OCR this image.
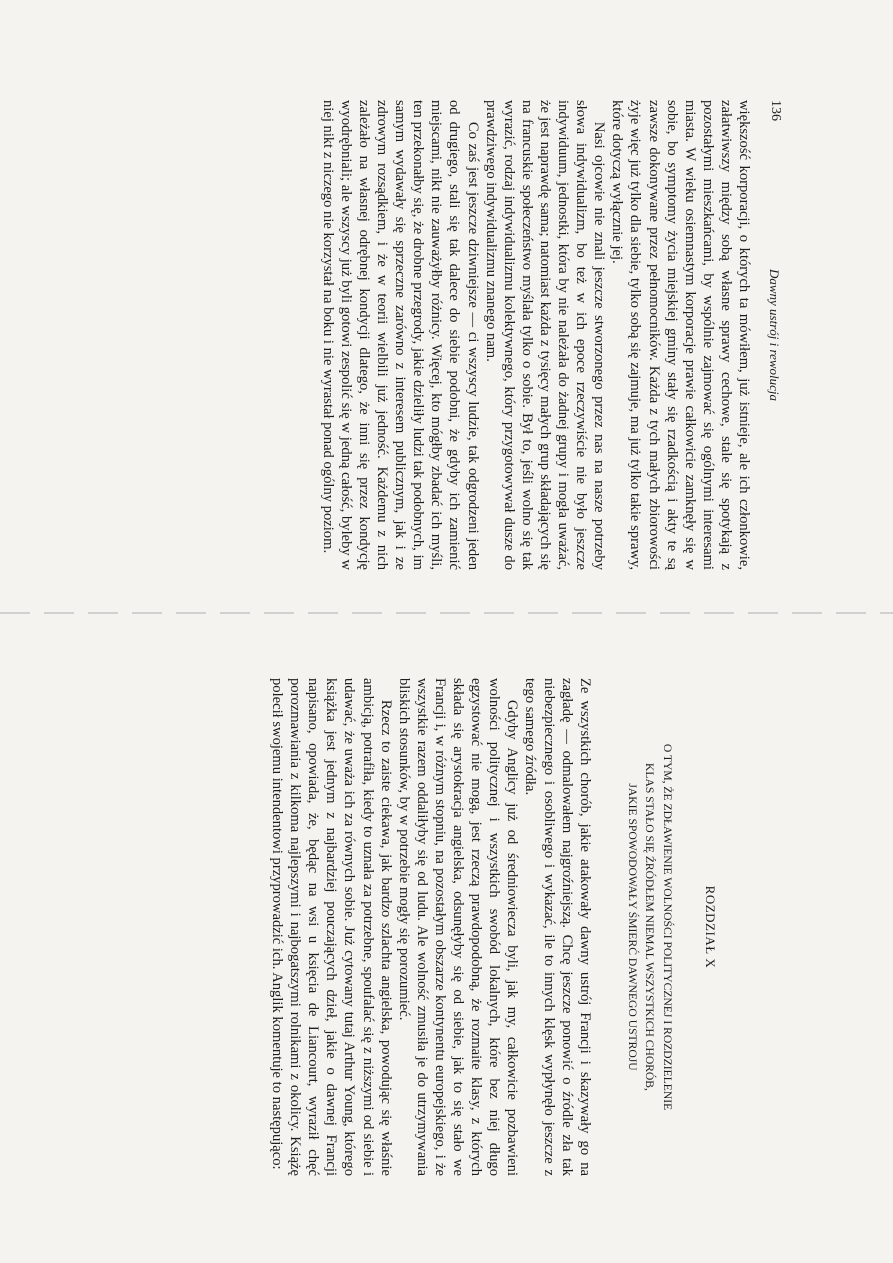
136
Dawny ustrój i rewolucja

większość korporacji, o których ta mówiłem, już istnieje, ale ich członkowie, załatwiwszy między sobą własne sprawy cechowe, stale się spotykają z pozostałymi mieszkańcami, by wspólnie zajmować się ogólnymi interesami miasta. W wieku osiemnastym korporacje prawie całkowicie zamknęły się w sobie, bo symptomy życia miejskiej gminy stały się rzadkością i akty te są zawsze dokonywane przez pełnomocników. Każda z tych małych zbiorowości żyje więc już tylko dla siebie, tylko sobą się zajmuje, ma już tylko takie sprawy, które dotyczą wyłącznie jej.

Nasi ojcowie nie znali jeszcze stworzonego przez nas na nasze potrzeby słowa indywidualizm, bo też w ich epoce rzeczywiście nie było jeszcze indywiduum, jednostki, która by nie należała do żadnej grupy i mogła uważać, że jest naprawdę sama; natomiast każda z tysięcy małych grup składających się na francuskie społeczeństwo myślała tylko o sobie. Był to, jeśli wolno się tak wyrazić, rodzaj indywidualizmu kolektywnego, który przygotowywał dusze do prawdziwego indywidualizmu znanego nam.

Co zaś jest jeszcze dziwniejsze — ci wszyscy ludzie, tak odgrodzeni jeden od drugiego, stali się tak dalece do siebie podobni, że gdyby ich zamienić miejscami, nikt nie zauważyłby różnicy. Więcej, kto mógłby zbadać ich myśli, ten przekonałby się, że drobne przegrody, jakie dzieliły ludzi tak podobnych, im samym wydawały się sprzeczne zarówno z interesem publicznym, jak i ze zdrowym rozsądkiem, i że w teorii wielbili już jedność. Każdemu z nich zależało na własnej odrębnej kondycji dlatego, że inni się przez kondycję wyodrębniali; ale wszyscy już byli gotowi zespolić się w jedną całość, byleby w niej nikt z niczego nie korzystał na boku i nie wyrastał ponad ogólny poziom.

ROZDZIAŁ X
O TYM, ŻE ZDŁAWIENIE WOLNOŚCI POLITYCZNEJ I ROZDZIELENIE
KLAS STAŁO SIĘ ŹRÓDŁEM NIEMAL WSZYSTKICH CHORÓB,
JAKIE SPOWODOWAŁY ŚMIERĆ DAWNEGO USTROJU

Ze wszystkich chorób, jakie atakowały dawny ustrój Francji i skazywały go na zagładę — odmalowałem najgroźniejszą. Chcę jeszcze ponowić o źródle zła tak niebezpiecznego i osobliwego i wykazać, ile to innych klęsk wypłynęło jeszcze z tego samego źródła.

Gdyby Anglicy już od średniowiecza byli, jak my, całkowicie pozbawieni wolności politycznej i wszystkich swobód lokalnych, które bez niej długo egzystować nie mogą, jest rzeczą prawdopodobną, że rozmaite klasy, z których składa się arystokracja angielska, odsunęłyby się od siebie, jak to się stało we Francji i, w różnym stopniu, na pozostałym obszarze kontynentu europejskiego, i że wszystkie razem oddaliłyby się od ludu. Ale wolność zmusiła je do utrzymywania bliskich stosunków, by w potrzebie mogły się porozumieć.

Rzecz to zaiste ciekawa, jak bardzo szlachta angielska, powodując się właśnie ambicją, potrafiła, kiedy to uznała za potrzebne, spoufalać się z niższymi od siebie i udawać, że uważa ich za równych sobie. Już cytowany tutaj Arthur Young, którego książka jest jednym z najbardziej pouczających dzieł, jakie o dawnej Francji napisano, opowiada, że, będąc na wsi u księcia de Liancourt, wyraził chęć porozmawiania z kilkoma najlepszymi i najbogatszymi rolnikami z okolicy. Książę polecił swojemu intendentowi przyprowadzić ich. Anglik komentuje to następująco:
